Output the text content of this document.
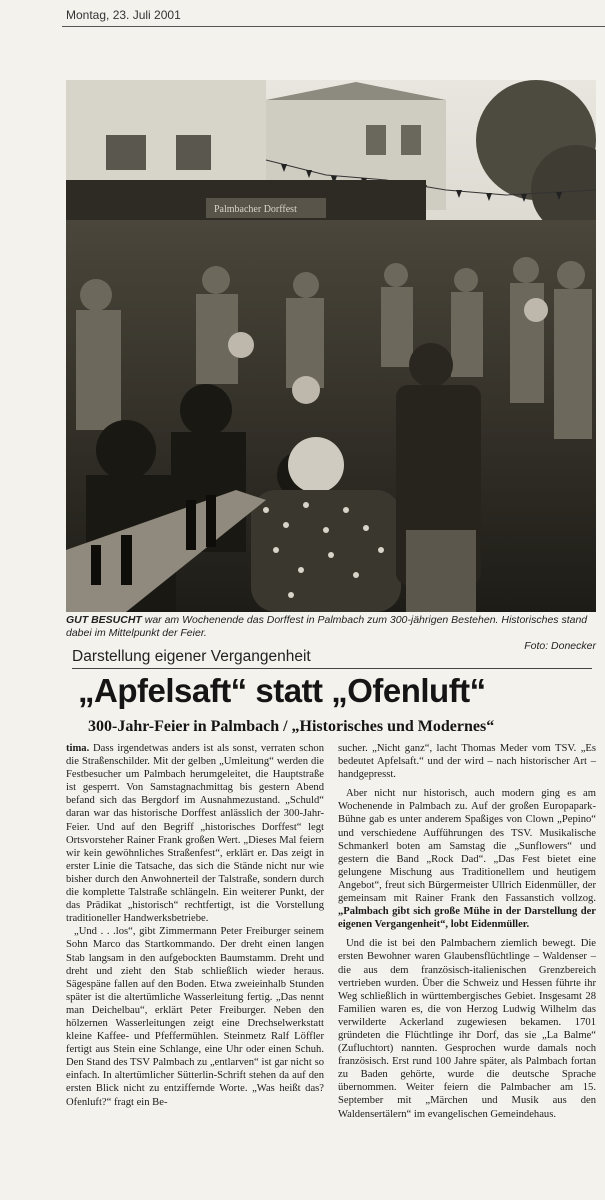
Montag, 23. Juli 2001
Palmbacher Dorffest
GUT BESUCHT war am Wochenende das Dorffest in Palmbach zum 300-jährigen Bestehen. Historisches stand dabei im Mittelpunkt der Feier.
Foto: Donecker
Darstellung eigener Vergangenheit
„Apfelsaft“ statt „Ofenluft“
300-Jahr-Feier in Palmbach / „Historisches und Modernes“

tima. Dass irgendetwas anders ist als sonst, verraten schon die Straßenschilder. Mit der gelben „Umleitung“ werden die Festbesucher um Palmbach herumgeleitet, die Hauptstraße ist gesperrt. Von Samstagnachmittag bis gestern Abend befand sich das Bergdorf im Ausnahmezustand. „Schuld“ daran war das historische Dorffest anlässlich der 300-Jahr-Feier. Und auf den Begriff „historisches Dorffest“ legt Ortsvorsteher Rainer Frank großen Wert. „Dieses Mal feiern wir kein gewöhnliches Straßenfest“, erklärt er. Das zeigt in erster Linie die Tatsache, das sich die Stände nicht nur wie bisher durch den Anwohnerteil der Talstraße, sondern durch die komplette Talstraße schlängeln. Ein weiterer Punkt, der das Prädikat „historisch“ rechtfertigt, ist die Vorstellung traditioneller Handwerksbetriebe.

„Und . . .los“, gibt Zimmermann Peter Freiburger seinem Sohn Marco das Startkommando. Der dreht einen langen Stab langsam in den aufgebockten Baumstamm. Dreht und dreht und zieht den Stab schließlich wieder heraus. Sägespäne fallen auf den Boden. Etwa zweieinhalb Stunden später ist die altertümliche Wasserleitung fertig. „Das nennt man Deichelbau“, erklärt Peter Freiburger. Neben den hölzernen Wasserleitungen zeigt eine Drechselwerkstatt kleine Kaffee- und Pfeffermühlen. Steinmetz Ralf Löffler fertigt aus Stein eine Schlange, eine Uhr oder einen Schuh. Den Stand des TSV Palmbach zu „entlarven“ ist gar nicht so einfach. In altertümlicher Sütterlin-Schrift stehen da auf den ersten Blick nicht zu entziffernde Worte. „Was heißt das? Ofenluft?“ fragt ein Be-

sucher. „Nicht ganz“, lacht Thomas Meder vom TSV. „Es bedeutet Apfelsaft.“ und der wird – nach historischer Art – handgepresst.

Aber nicht nur historisch, auch modern ging es am Wochenende in Palmbach zu. Auf der großen Europapark-Bühne gab es unter anderem Spaßiges von Clown „Pepino“ und verschiedene Aufführungen des TSV. Musikalische Schmankerl boten am Samstag die „Sunflowers“ und gestern die Band „Rock Dad“. „Das Fest bietet eine gelungene Mischung aus Traditionellem und heutigem Angebot“, freut sich Bürgermeister Ullrich Eidenmüller, der gemeinsam mit Rainer Frank den Fassanstich vollzog. „Palmbach gibt sich große Mühe in der Darstellung der eigenen Vergangenheit“, lobt Eidenmüller.

Und die ist bei den Palmbachern ziemlich bewegt. Die ersten Bewohner waren Glaubensflüchtlinge – Waldenser – die aus dem französisch-italienischen Grenzbereich vertrieben wurden. Über die Schweiz und Hessen führte ihr Weg schließlich in württembergisches Gebiet. Insgesamt 28 Familien waren es, die von Herzog Ludwig Wilhelm das verwilderte Ackerland zugewiesen bekamen. 1701 gründeten die Flüchtlinge ihr Dorf, das sie „La Balme“ (Zufluchtort) nannten. Gesprochen wurde damals noch französisch. Erst rund 100 Jahre später, als Palmbach fortan zu Baden gehörte, wurde die deutsche Sprache übernommen. Weiter feiern die Palmbacher am 15. September mit „Märchen und Musik aus den Waldensertälern“ im evangelischen Gemeindehaus.
